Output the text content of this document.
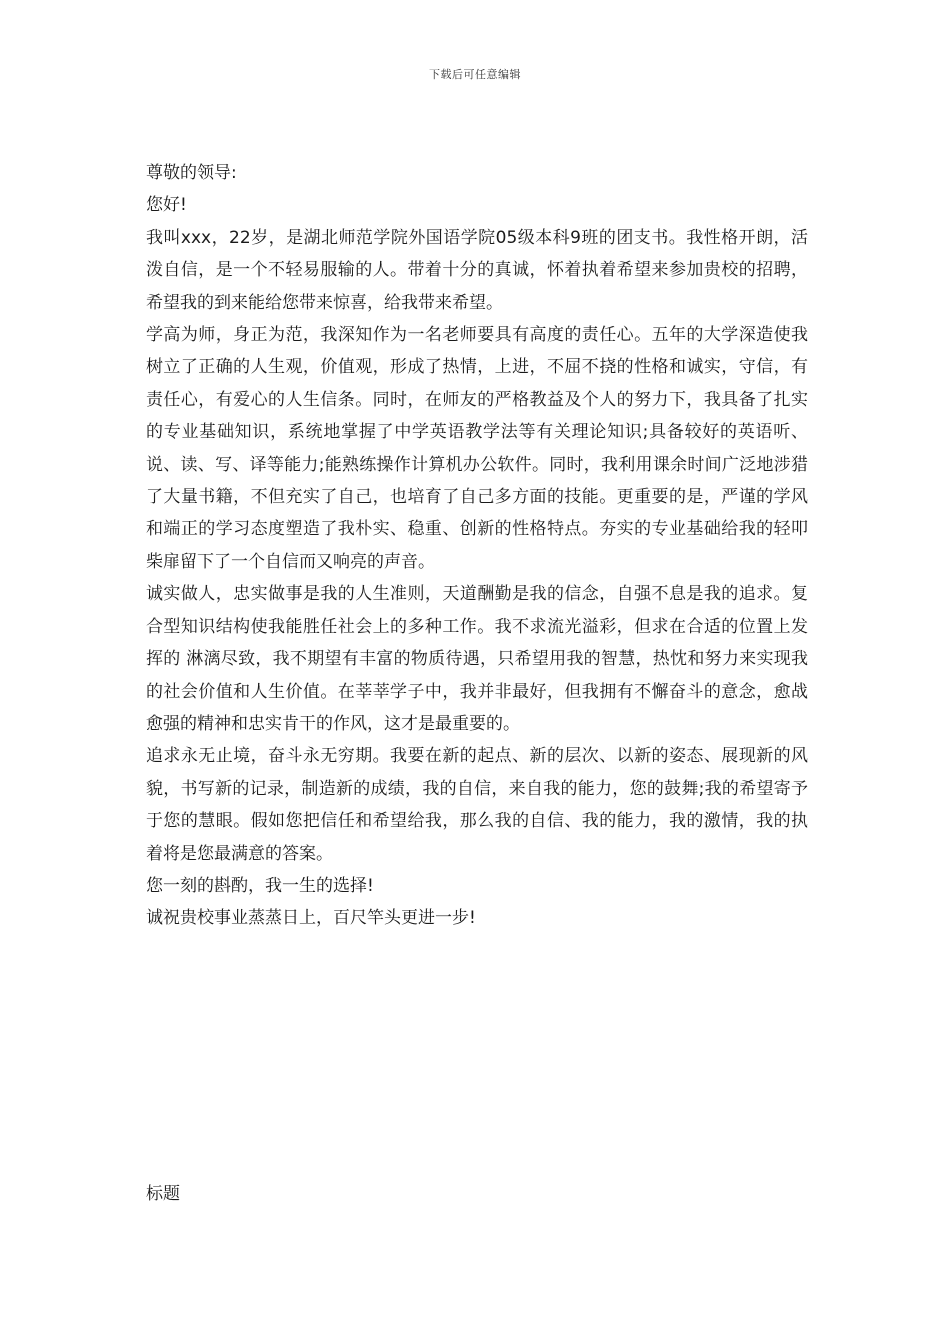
下载后可任意编辑

尊敬的领导:

您好!

我叫xxx，22岁，是湖北师范学院外国语学院05级本科9班的团支书。我性格开朗，活泼自信，是一个不轻易服输的人。带着十分的真诚，怀着执着希望来参加贵校的招聘，希望我的到来能给您带来惊喜，给我带来希望。

学高为师，身正为范，我深知作为一名老师要具有高度的责任心。五年的大学深造使我树立了正确的人生观，价值观，形成了热情，上进，不屈不挠的性格和诚实，守信，有责任心，有爱心的人生信条。同时，在师友的严格教益及个人的努力下，我具备了扎实的专业基础知识，系统地掌握了中学英语教学法等有关理论知识;具备较好的英语听、说、读、写、译等能力;能熟练操作计算机办公软件。同时，我利用课余时间广泛地涉猎了大量书籍，不但充实了自己，也培育了自己多方面的技能。更重要的是，严谨的学风和端正的学习态度塑造了我朴实、稳重、创新的性格特点。夯实的专业基础给我的轻叩柴扉留下了一个自信而又响亮的声音。

诚实做人，忠实做事是我的人生准则，天道酬勤是我的信念，自强不息是我的追求。复合型知识结构使我能胜任社会上的多种工作。我不求流光溢彩，但求在合适的位置上发挥的 淋漓尽致，我不期望有丰富的物质待遇，只希望用我的智慧，热忱和努力来实现我的社会价值和人生价值。在莘莘学子中，我并非最好，但我拥有不懈奋斗的意念，愈战愈强的精神和忠实肯干的作风，这才是最重要的。

追求永无止境，奋斗永无穷期。我要在新的起点、新的层次、以新的姿态、展现新的风貌，书写新的记录，制造新的成绩，我的自信，来自我的能力，您的鼓舞;我的希望寄予于您的慧眼。假如您把信任和希望给我，那么我的自信、我的能力，我的激情，我的执着将是您最满意的答案。

您一刻的斟酌，我一生的选择!

诚祝贵校事业蒸蒸日上，百尺竿头更进一步!

标题
